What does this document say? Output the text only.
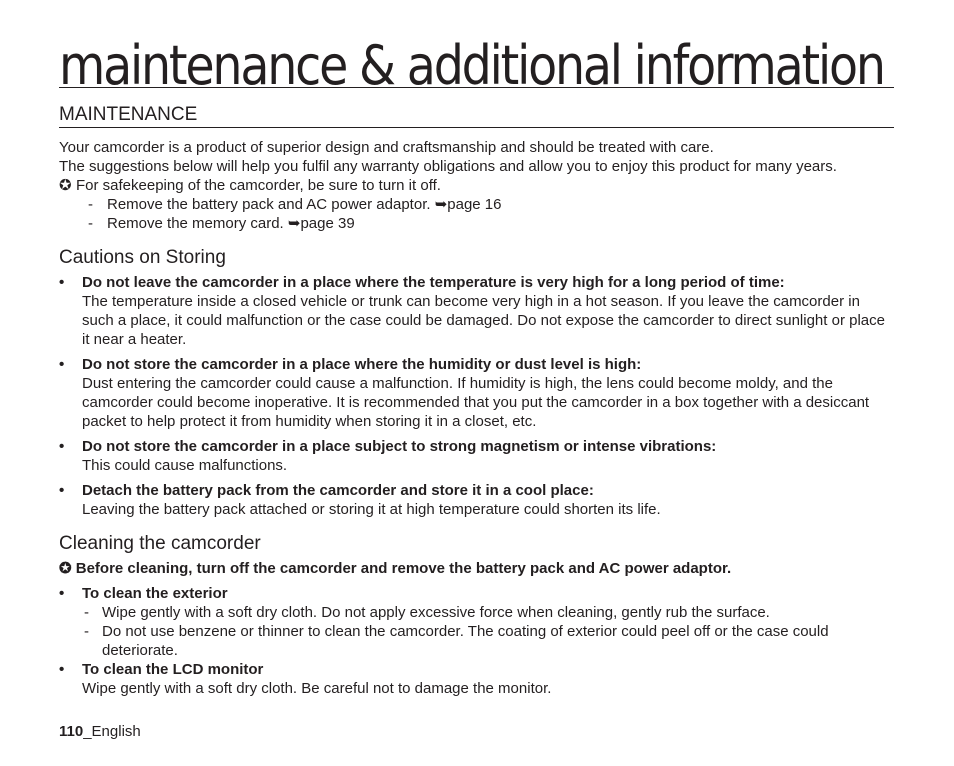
maintenance & additional information
MAINTENANCE

Your camcorder is a product of superior design and craftsmanship and should be treated with care.

The suggestions below will help you fulfil any warranty obligations and allow you to enjoy this product for many years.

✪ For safekeeping of the camcorder, be sure to turn it off.

- Remove the battery pack and AC power adaptor. ➥page 16

- Remove the memory card. ➥page 39

Cautions on Storing

• Do not leave the camcorder in a place where the temperature is very high for a long period of time:

The temperature inside a closed vehicle or trunk can become very high in a hot season. If you leave the camcorder in such a place, it could malfunction or the case could be damaged. Do not expose the camcorder to direct sunlight or place it near a heater.

• Do not store the camcorder in a place where the humidity or dust level is high:

Dust entering the camcorder could cause a malfunction. If humidity is high, the lens could become moldy, and the camcorder could become inoperative. It is recommended that you put the camcorder in a box together with a desiccant packet to help protect it from humidity when storing it in a closet, etc.

• Do not store the camcorder in a place subject to strong magnetism or intense vibrations:

This could cause malfunctions.

• Detach the battery pack from the camcorder and store it in a cool place:

Leaving the battery pack attached or storing it at high temperature could shorten its life.

Cleaning the camcorder

✪ Before cleaning, turn off the camcorder and remove the battery pack and AC power adaptor.

• To clean the exterior

- Wipe gently with a soft dry cloth. Do not apply excessive force when cleaning, gently rub the surface.

- Do not use benzene or thinner to clean the camcorder. The coating of exterior could peel off or the case could deteriorate.

• To clean the LCD monitor

Wipe gently with a soft dry cloth. Be careful not to damage the monitor.

110_English
